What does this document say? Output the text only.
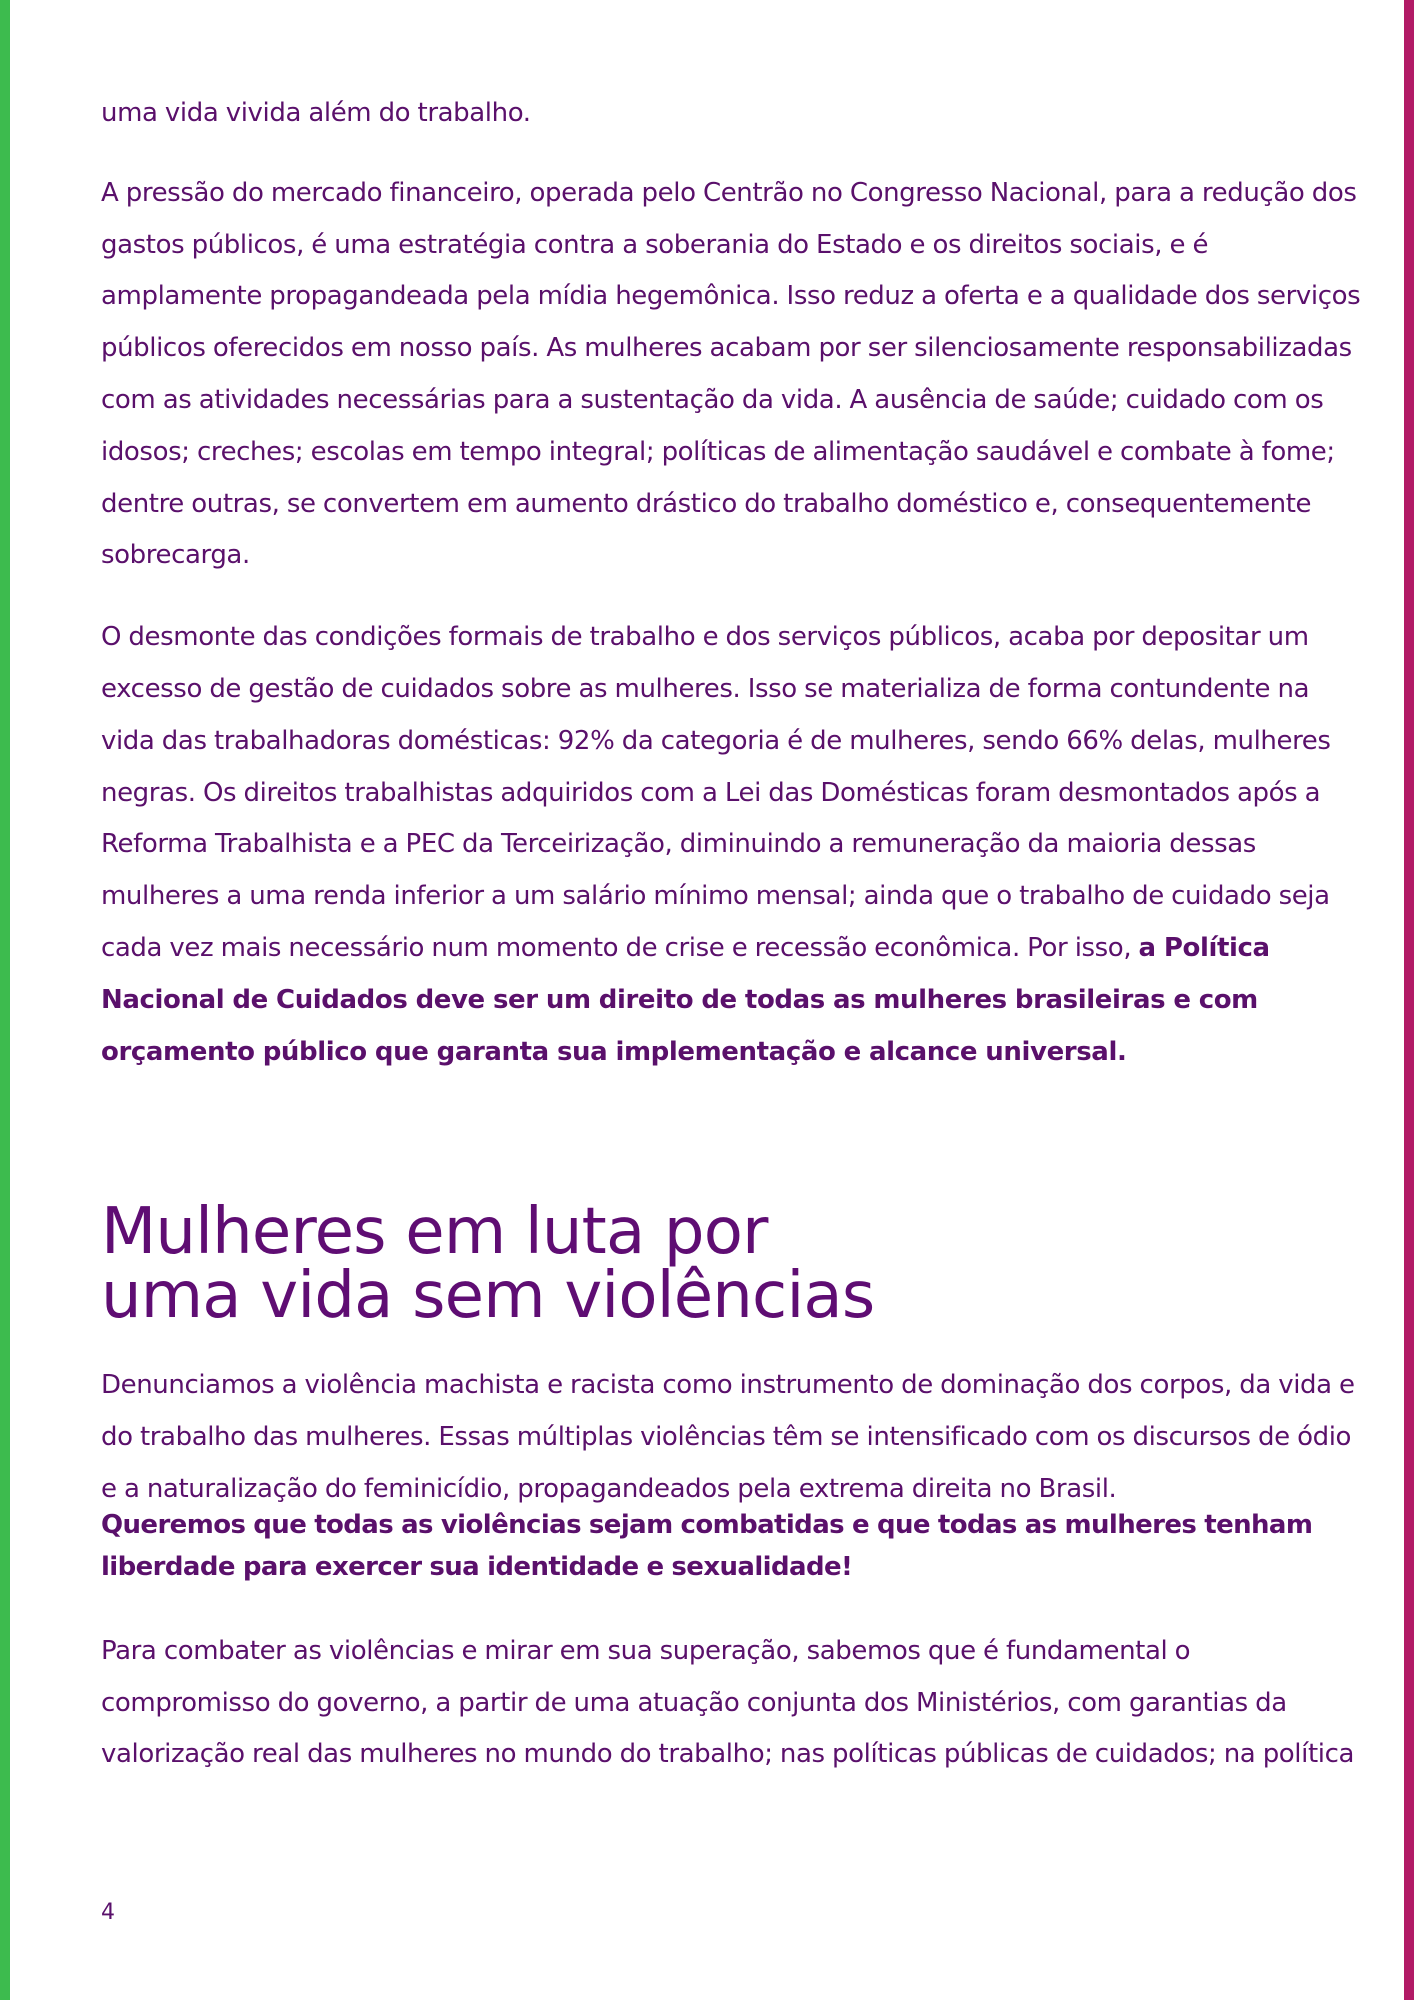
uma vida vivida além do trabalho.

A pressão do mercado financeiro, operada pelo Centrão no Congresso Nacional, para a redução dos gastos públicos, é uma estratégia contra a soberania do Estado e os direitos sociais, e é amplamente propagandeada pela mídia hegemônica. Isso reduz a oferta e a qualidade dos serviços públicos oferecidos em nosso país. As mulheres acabam por ser silenciosamente responsabilizadas com as atividades necessárias para a sustentação da vida. A ausência de saúde; cuidado com os idosos; creches; escolas em tempo integral; políticas de alimentação saudável e combate à fome; dentre outras, se convertem em aumento drástico do trabalho doméstico e, consequentemente sobrecarga.

O desmonte das condições formais de trabalho e dos serviços públicos, acaba por depositar um excesso de gestão de cuidados sobre as mulheres. Isso se materializa de forma contundente na vida das trabalhadoras domésticas: 92% da categoria é de mulheres, sendo 66% delas, mulheres negras. Os direitos trabalhistas adquiridos com a Lei das Domésticas foram desmontados após a Reforma Trabalhista e a PEC da Terceirização, diminuindo a remuneração da maioria dessas mulheres a uma renda inferior a um salário mínimo mensal; ainda que o trabalho de cuidado seja cada vez mais necessário num momento de crise e recessão econômica. Por isso, a Política Nacional de Cuidados deve ser um direito de todas as mulheres brasileiras e com orçamento público que garanta sua implementação e alcance universal.

Mulheres em luta por
uma vida sem violências

Denunciamos a violência machista e racista como instrumento de dominação dos corpos, da vida e do trabalho das mulheres. Essas múltiplas violências têm se intensificado com os discursos de ódio e a naturalização do feminicídio, propagandeados pela extrema direita no Brasil.

Queremos que todas as violências sejam combatidas e que todas as mulheres tenham liberdade para exercer sua identidade e sexualidade!

Para combater as violências e mirar em sua superação, sabemos que é fundamental o compromisso do governo, a partir de uma atuação conjunta dos Ministérios, com garantias da valorização real das mulheres no mundo do trabalho; nas políticas públicas de cuidados; na política

4
